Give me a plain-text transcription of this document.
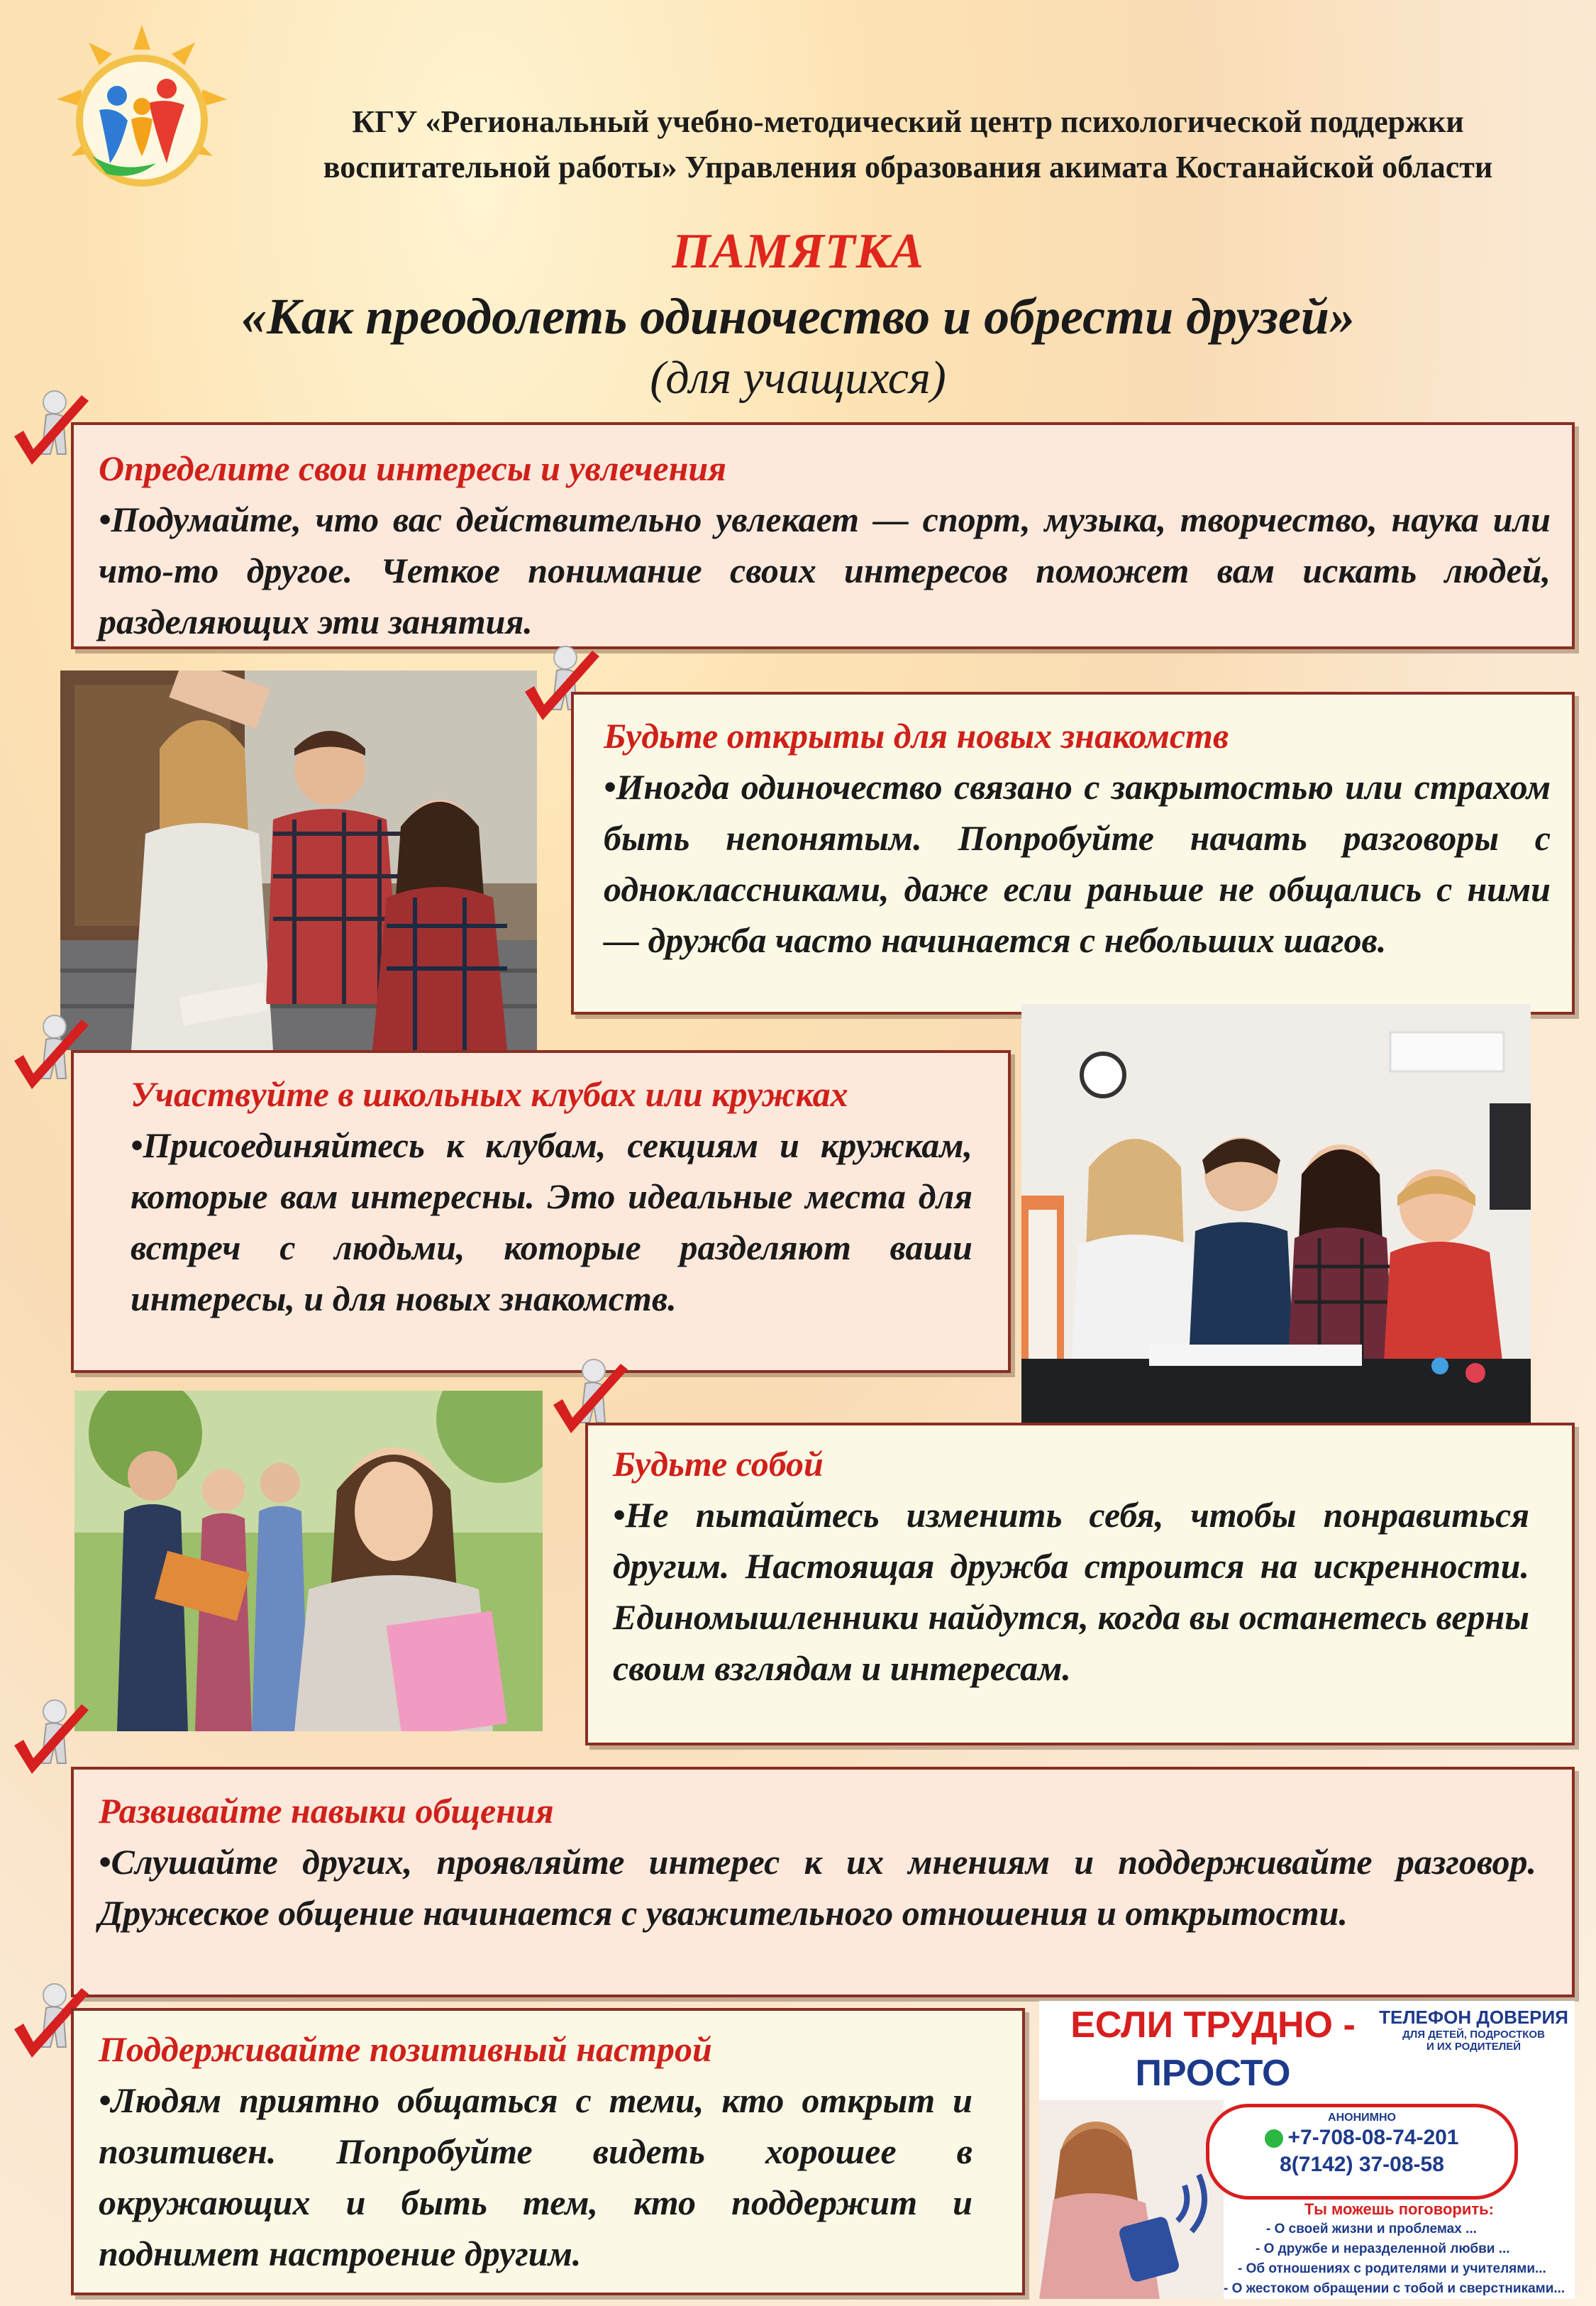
КГУ «Региональный учебно-методический центр психологической поддержки
воспитательной работы» Управления образования акимата Костанайской области
ПАМЯТКА
«Как преодолеть одиночество и обрести друзей»
(для учащихся)
Определите свои интересы и увлечения
•Подумайте, что вас действительно увлекает — спорт, музыка, творчество, наука или что-то другое. Четкое понимание своих интересов поможет вам искать людей, разделяющих эти занятия.
Будьте открыты для новых знакомств
•Иногда одиночество связано с закрытостью или страхом быть непонятым. Попробуйте начать разговоры с одноклассниками, даже если раньше не общались с ними — дружба часто начинается с небольших шагов.
Участвуйте в школьных клубах или кружках
•Присоединяйтесь к клубам, секциям и кружкам, которые вам интересны. Это идеальные места для встреч с людьми, которые разделяют ваши интересы, и для новых знакомств.
Будьте собой
•Не пытайтесь изменить себя, чтобы понравиться другим. Настоящая дружба строится на искренности. Единомышленники найдутся, когда вы останетесь верны своим взглядам и интересам.
Развивайте навыки общения
•Слушайте других, проявляйте интерес к их мнениям и поддерживайте разговор. Дружеское общение начинается с уважительного отношения и открытости.
Поддерживайте позитивный настрой
•Людям приятно общаться с теми, кто открыт и позитивен. Попробуйте видеть хорошее в окружающих и быть тем, кто поддержит и поднимет настроение другим.
ЕСЛИ ТРУДНО -
ПРОСТО
ТЕЛЕФОН ДОВЕРИЯ
ДЛЯ ДЕТЕЙ, ПОДРОСТКОВ
И ИХ РОДИТЕЛЕЙ
АНОНИМНО
+7-708-08-74-201
8(7142) 37-08-58
Ты можешь поговорить:
- О своей жизни и проблемах ...
- О дружбе и неразделенной любви ...
- Об отношениях с родителями и учителями...
- О жестоком обращении с тобой и сверстниками...
